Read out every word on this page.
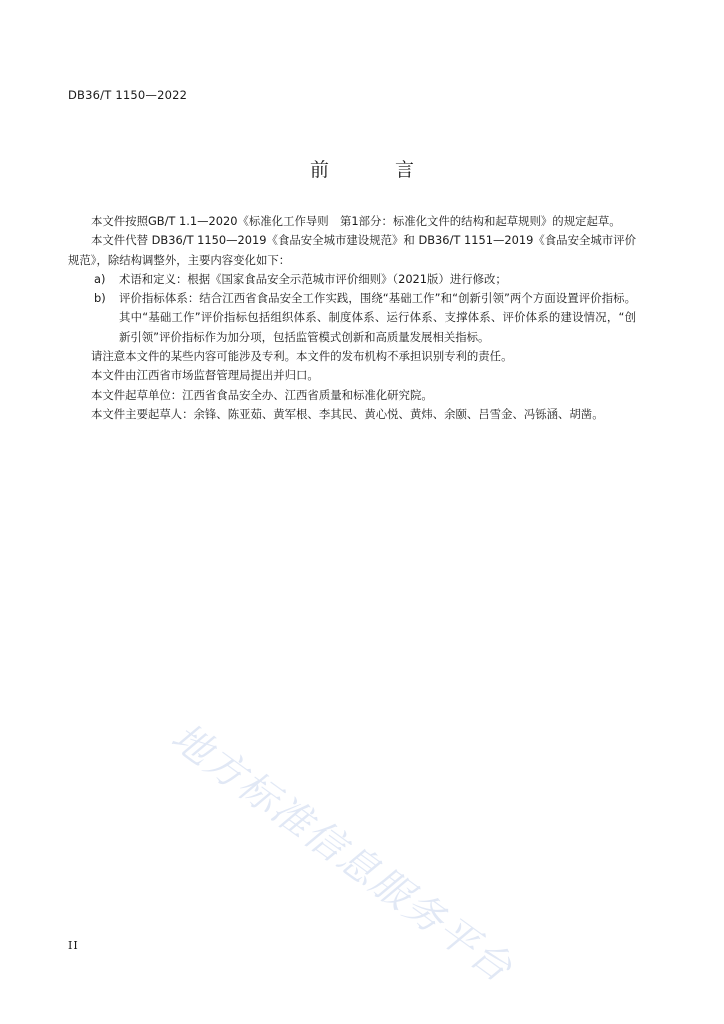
DB36/T 1150—2022
前 言

本文件按照GB/T 1.1—2020《标准化工作导则　第1部分：标准化文件的结构和起草规则》的规定起草。

本文件代替 DB36/T 1150—2019《食品安全城市建设规范》和 DB36/T 1151—2019《食品安全城市评价规范》，除结构调整外，主要内容变化如下：

a) 术语和定义：根据《国家食品安全示范城市评价细则》（2021版）进行修改；

b) 评价指标体系：结合江西省食品安全工作实践，围绕“基础工作”和“创新引领”两个方面设置评价指标。其中“基础工作”评价指标包括组织体系、制度体系、运行体系、支撑体系、评价体系的建设情况，“创新引领”评价指标作为加分项，包括监管模式创新和高质量发展相关指标。

请注意本文件的某些内容可能涉及专利。本文件的发布机构不承担识别专利的责任。

本文件由江西省市场监督管理局提出并归口。

本文件起草单位：江西省食品安全办、江西省质量和标准化研究院。

本文件主要起草人：余锋、陈亚茹、黄军根、李其民、黄心悦、黄炜、余颐、吕雪金、冯铄涵、胡凿。

地方标准信息服务平台
II
